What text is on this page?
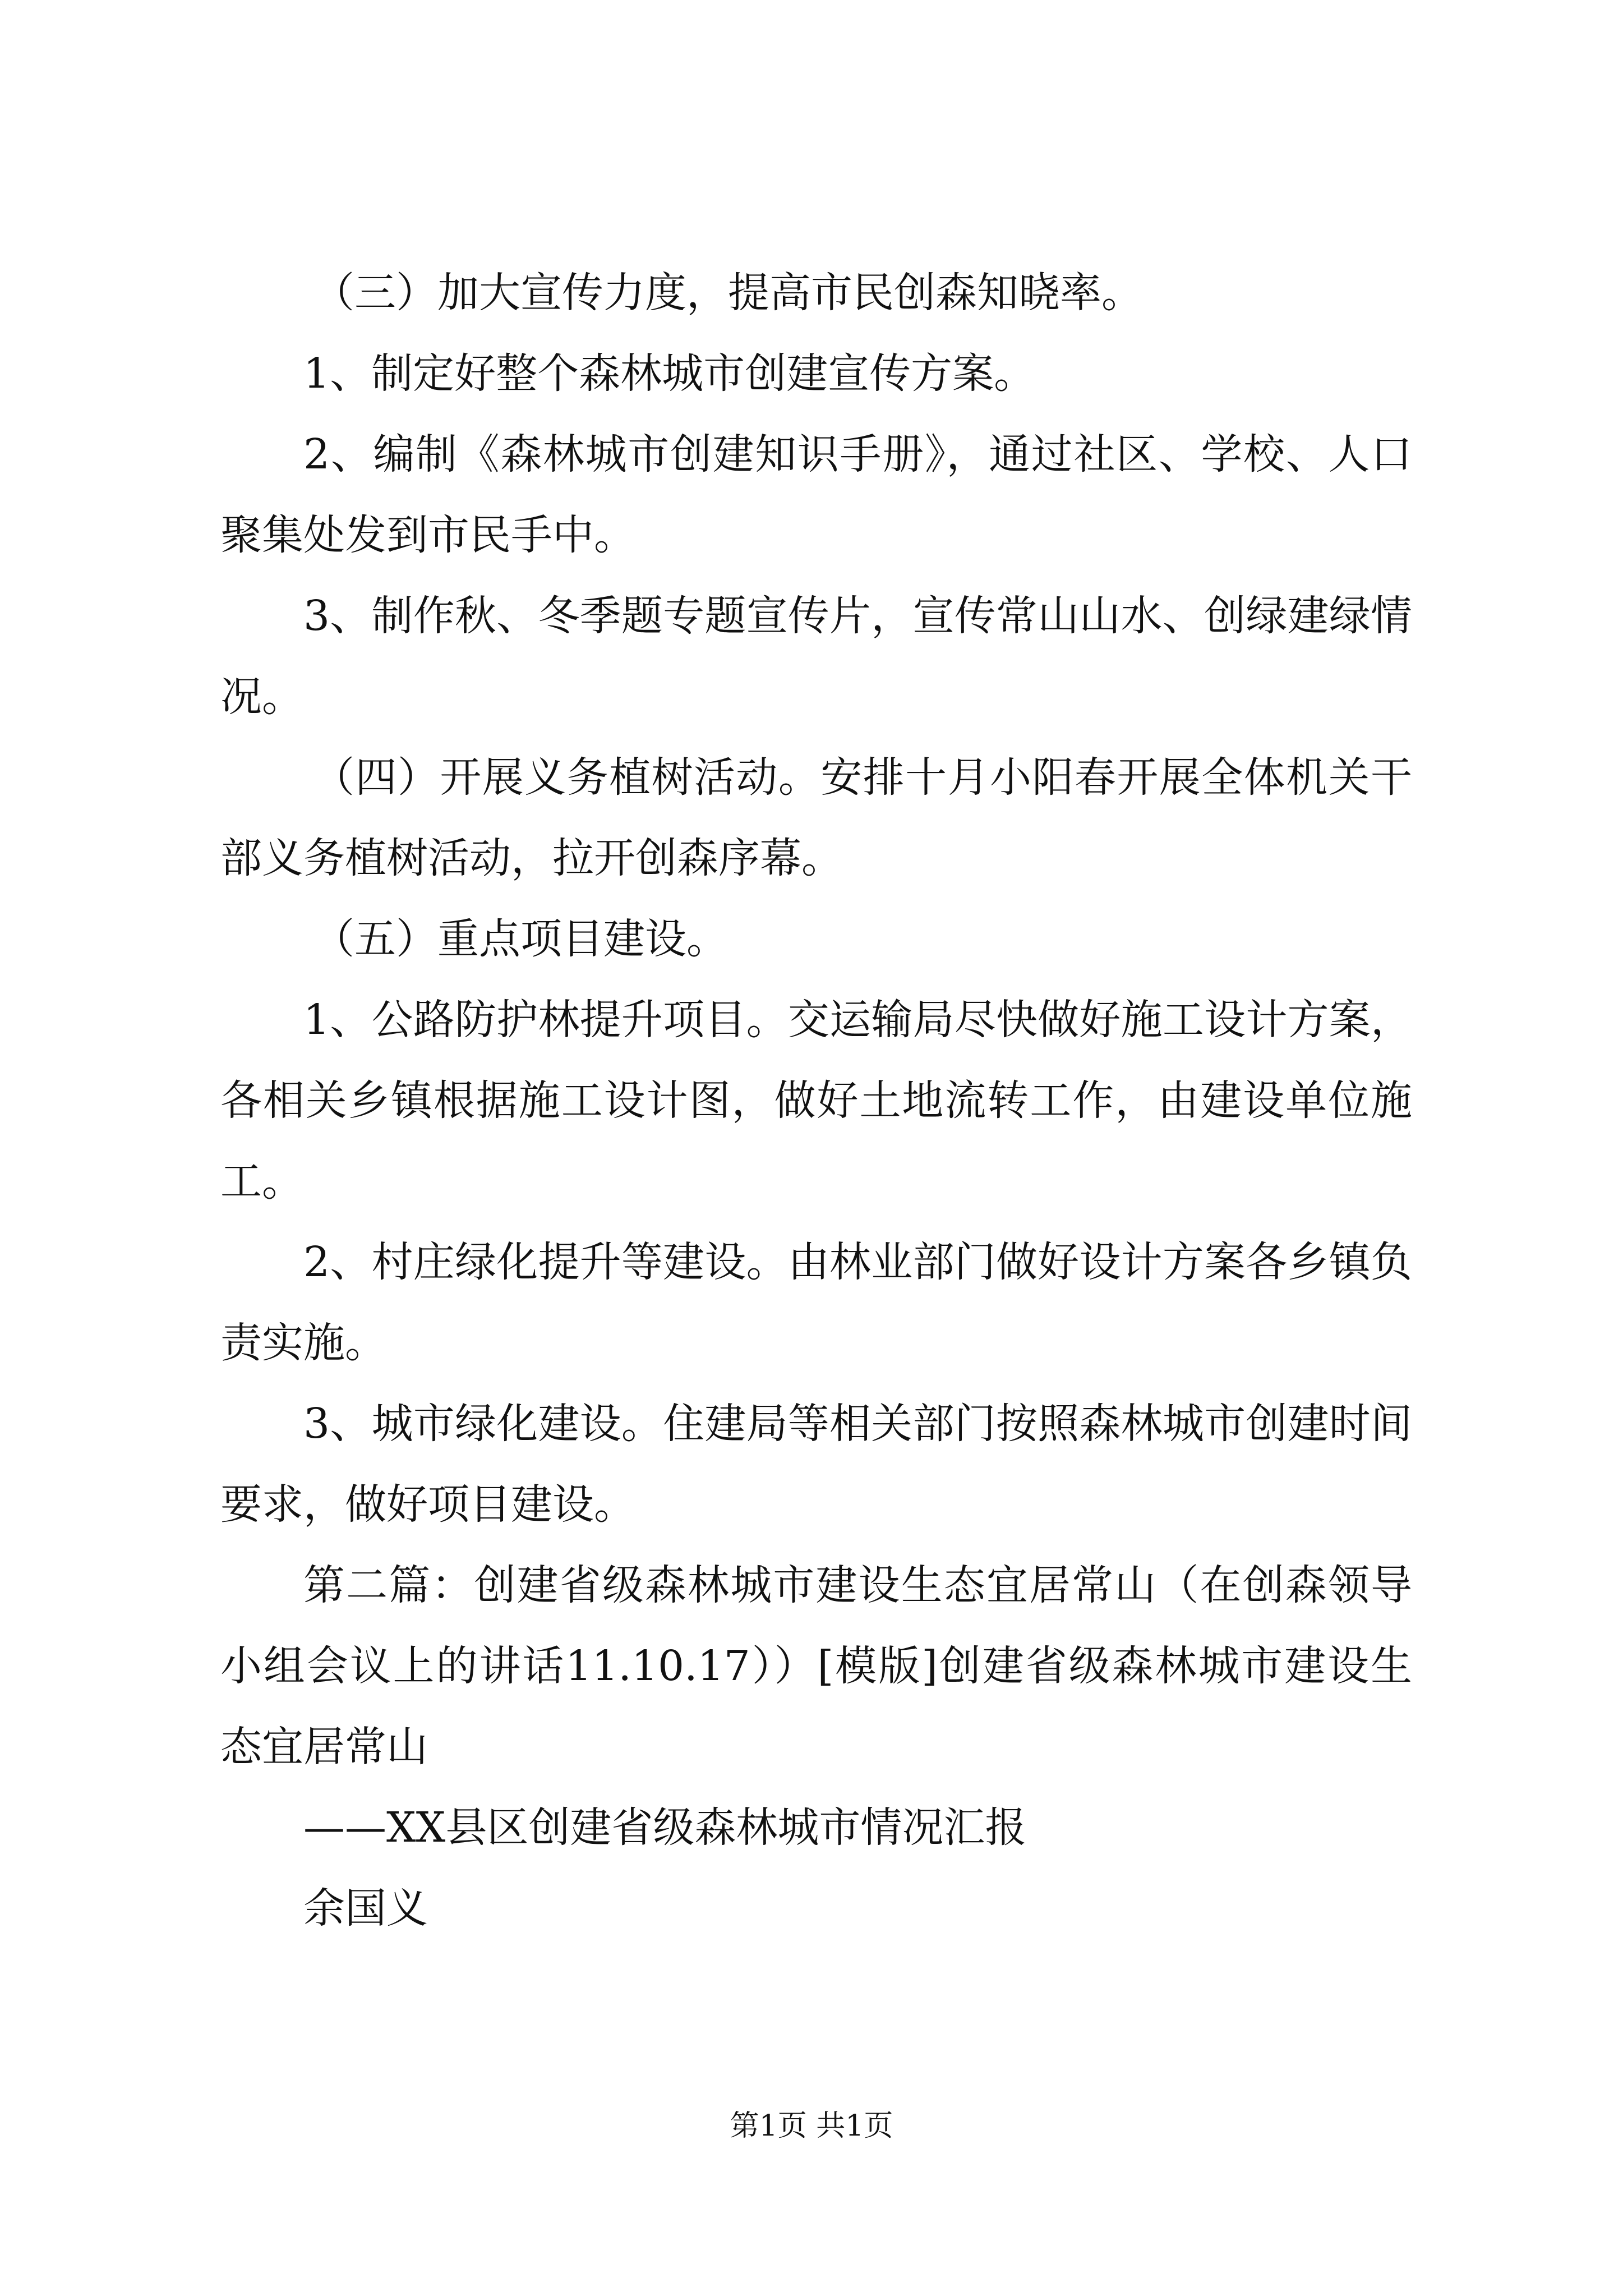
（三）加大宣传力度，提高市民创森知晓率。

1、制定好整个森林城市创建宣传方案。

2、编制《森林城市创建知识手册》，通过社区、学校、人口聚集处发到市民手中。

3、制作秋、冬季题专题宣传片，宣传常山山水、创绿建绿情况。

（四）开展义务植树活动。安排十月小阳春开展全体机关干部义务植树活动，拉开创森序幕。

（五）重点项目建设。

1、公路防护林提升项目。交运输局尽快做好施工设计方案，各相关乡镇根据施工设计图，做好土地流转工作，由建设单位施工。

2、村庄绿化提升等建设。由林业部门做好设计方案各乡镇负责实施。

3、城市绿化建设。住建局等相关部门按照森林城市创建时间要求，做好项目建设。

第二篇：创建省级森林城市建设生态宜居常山（在创森领导小组会议上的讲话11.10.17））[模版]创建省级森林城市建设生态宜居常山

——XX县区创建省级森林城市情况汇报

余国义

第1页 共1页
